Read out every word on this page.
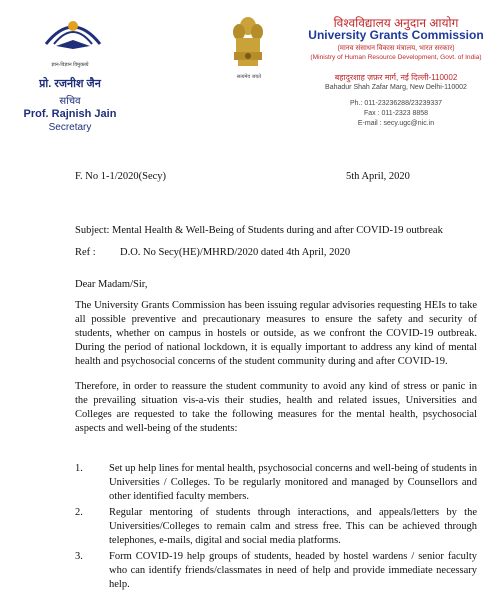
ज्ञान-विज्ञान विमुक्तये
प्रो. रजनीश जैन
सचिव
Prof. Rajnish Jain
Secretary
सत्यमेव जयते
विश्वविद्यालय अनुदान आयोग
University Grants Commission
(मानव संसाधन विकास मंत्रालय, भारत सरकार)
(Ministry of Human Resource Development, Govt. of India)
बहादुरशाह ज़फ़र मार्ग, नई दिल्ली-110002
Bahadur Shah Zafar Marg, New Delhi-110002
Ph.: 011-23236288/23239337
Fax : 011-2323 8858
E-mail : secy.ugc@nic.in
F. No 1-1/2020(Secy)	5th April, 2020
Subject: Mental Health & Well-Being of Students during and after COVID-19 outbreak
Ref : D.O. No Secy(HE)/MHRD/2020 dated 4th April, 2020
Dear Madam/Sir,
The University Grants Commission has been issuing regular advisories requesting HEIs to take all possible preventive and precautionary measures to ensure the safety and security of students, whether on campus in hostels or outside, as we confront the COVID-19 outbreak. During the period of national lockdown, it is equally important to address any kind of mental health and psychosocial concerns of the student community during and after COVID-19.
Therefore, in order to reassure the student community to avoid any kind of stress or panic in the prevailing situation vis-a-vis their studies, health and related issues, Universities and Colleges are requested to take the following measures for the mental health, psychosocial aspects and well-being of the students:
1.	Set up help lines for mental health, psychosocial concerns and well-being of students in Universities / Colleges. To be regularly monitored and managed by Counsellors and other identified faculty members.
2.	Regular mentoring of students through interactions, and appeals/letters by the Universities/Colleges to remain calm and stress free. This can be achieved through telephones, e-mails, digital and social media platforms.
3.	Form COVID-19 help groups of students, headed by hostel wardens / senior faculty who can identify friends/classmates in need of help and provide immediate necessary help.
